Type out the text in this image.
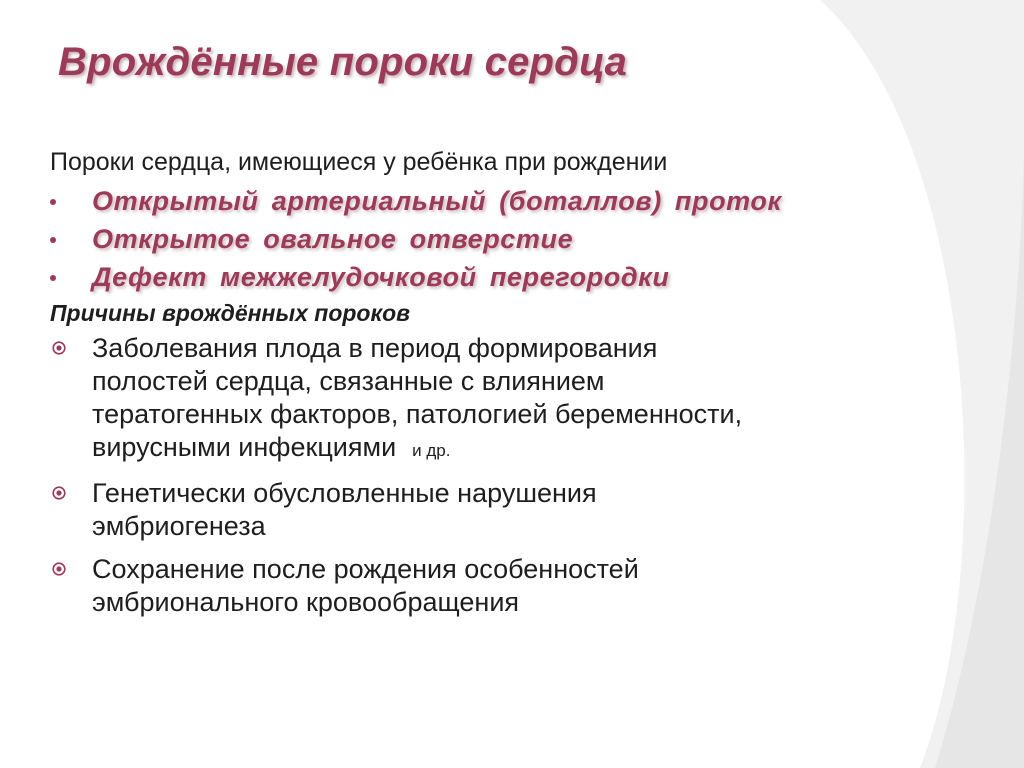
Врождённые пороки сердца

Пороки сердца, имеющиеся у ребёнка при рождении

Открытый артериальный (боталлов) проток
Открытое овальное отверстие
Дефект межжелудочковой перегородки

Причины врождённых пороков

Заболевания плода в период формирования
полостей сердца, связанные с влиянием
тератогенных факторов, патологией беременности,
вирусными инфекциями и др.
Генетически обусловленные нарушения
эмбриогенеза
Сохранение после рождения особенностей
эмбрионального кровообращения
